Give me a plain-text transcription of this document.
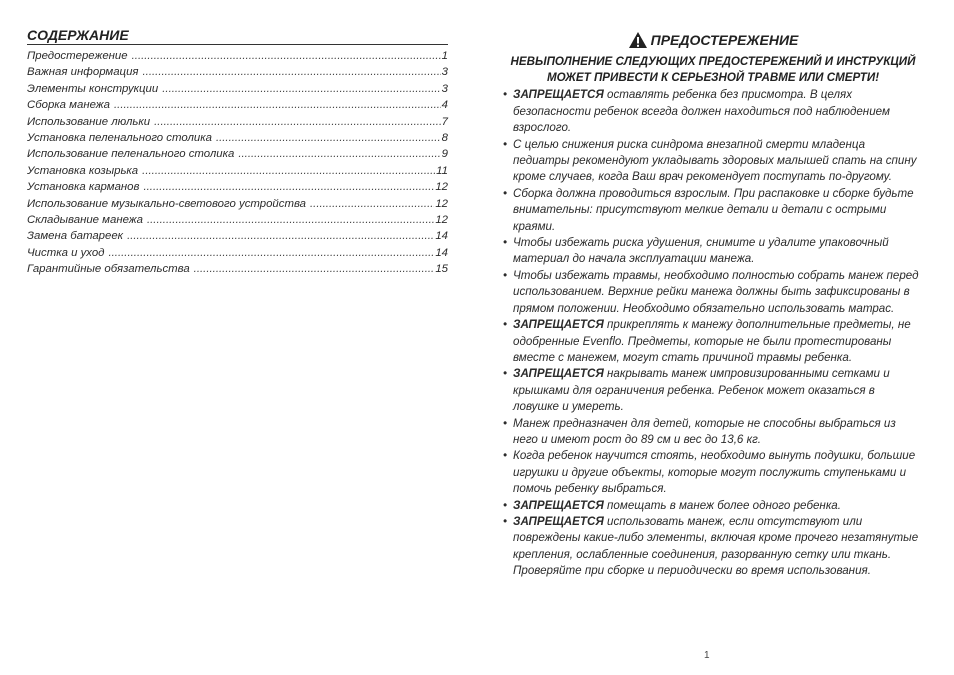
СОДЕРЖАНИЕ
Предостережение .....	1
Важная информация .....	3
Элементы конструкции .....	3
Сборка манежа .....	4
Использование люльки .....	7
Установка пеленального столика .....	8
Использование пеленального столика .....	9
Установка козырька .....	11
Установка карманов .....	12
Использование музыкально-светового устройства .....	12
Складывание манежа .....	12
Замена батареек .....	14
Чистка и уход .....	14
Гарантийные обязательства .....	15
ПРЕДОСТЕРЕЖЕНИЕ
НЕВЫПОЛНЕНИЕ СЛЕДУЮЩИХ ПРЕДОСТЕРЕЖЕНИЙ И ИНСТРУКЦИЙ
МОЖЕТ ПРИВЕСТИ К СЕРЬЕЗНОЙ ТРАВМЕ ИЛИ СМЕРТИ!
• ЗАПРЕЩАЕТСЯ оставлять ребенка без присмотра. В целях безопасности ребенок всегда должен находиться под наблюдением взрослого.
• С целью снижения риска синдрома внезапной смерти младенца педиатры рекомендуют укладывать здоровых малышей спать на спину кроме случаев, когда Ваш врач рекомендует поступать по-другому.
• Сборка должна проводиться взрослым. При распаковке и сборке будьте внимательны: присутствуют мелкие детали и детали с острыми краями.
• Чтобы избежать риска удушения, снимите и удалите упаковочный материал до начала эксплуатации манежа.
• Чтобы избежать травмы, необходимо полностью собрать манеж перед использованием. Верхние рейки манежа должны быть зафиксированы в прямом положении. Необходимо обязательно использовать матрас.
• ЗАПРЕЩАЕТСЯ прикреплять к манежу дополнительные предметы, не одобренные Evenflo. Предметы, которые не были протестированы вместе с манежем, могут стать причиной травмы ребенка.
• ЗАПРЕЩАЕТСЯ накрывать манеж импровизированными сетками и крышками для ограничения ребенка. Ребенок может оказаться в ловушке и умереть.
• Манеж предназначен для детей, которые не способны выбраться из него и имеют рост до 89 см и вес до 13,6 кг.
• Когда ребенок научится стоять, необходимо вынуть подушки, большие игрушки и другие объекты, которые могут послужить ступеньками и помочь ребенку выбраться.
• ЗАПРЕЩАЕТСЯ помещать в манеж более одного ребенка.
• ЗАПРЕЩАЕТСЯ использовать манеж, если отсутствуют или повреждены какие-либо элементы, включая кроме прочего незатянутые крепления, ослабленные соединения, разорванную сетку или ткань. Проверяйте при сборке и периодически во время использования.
1
